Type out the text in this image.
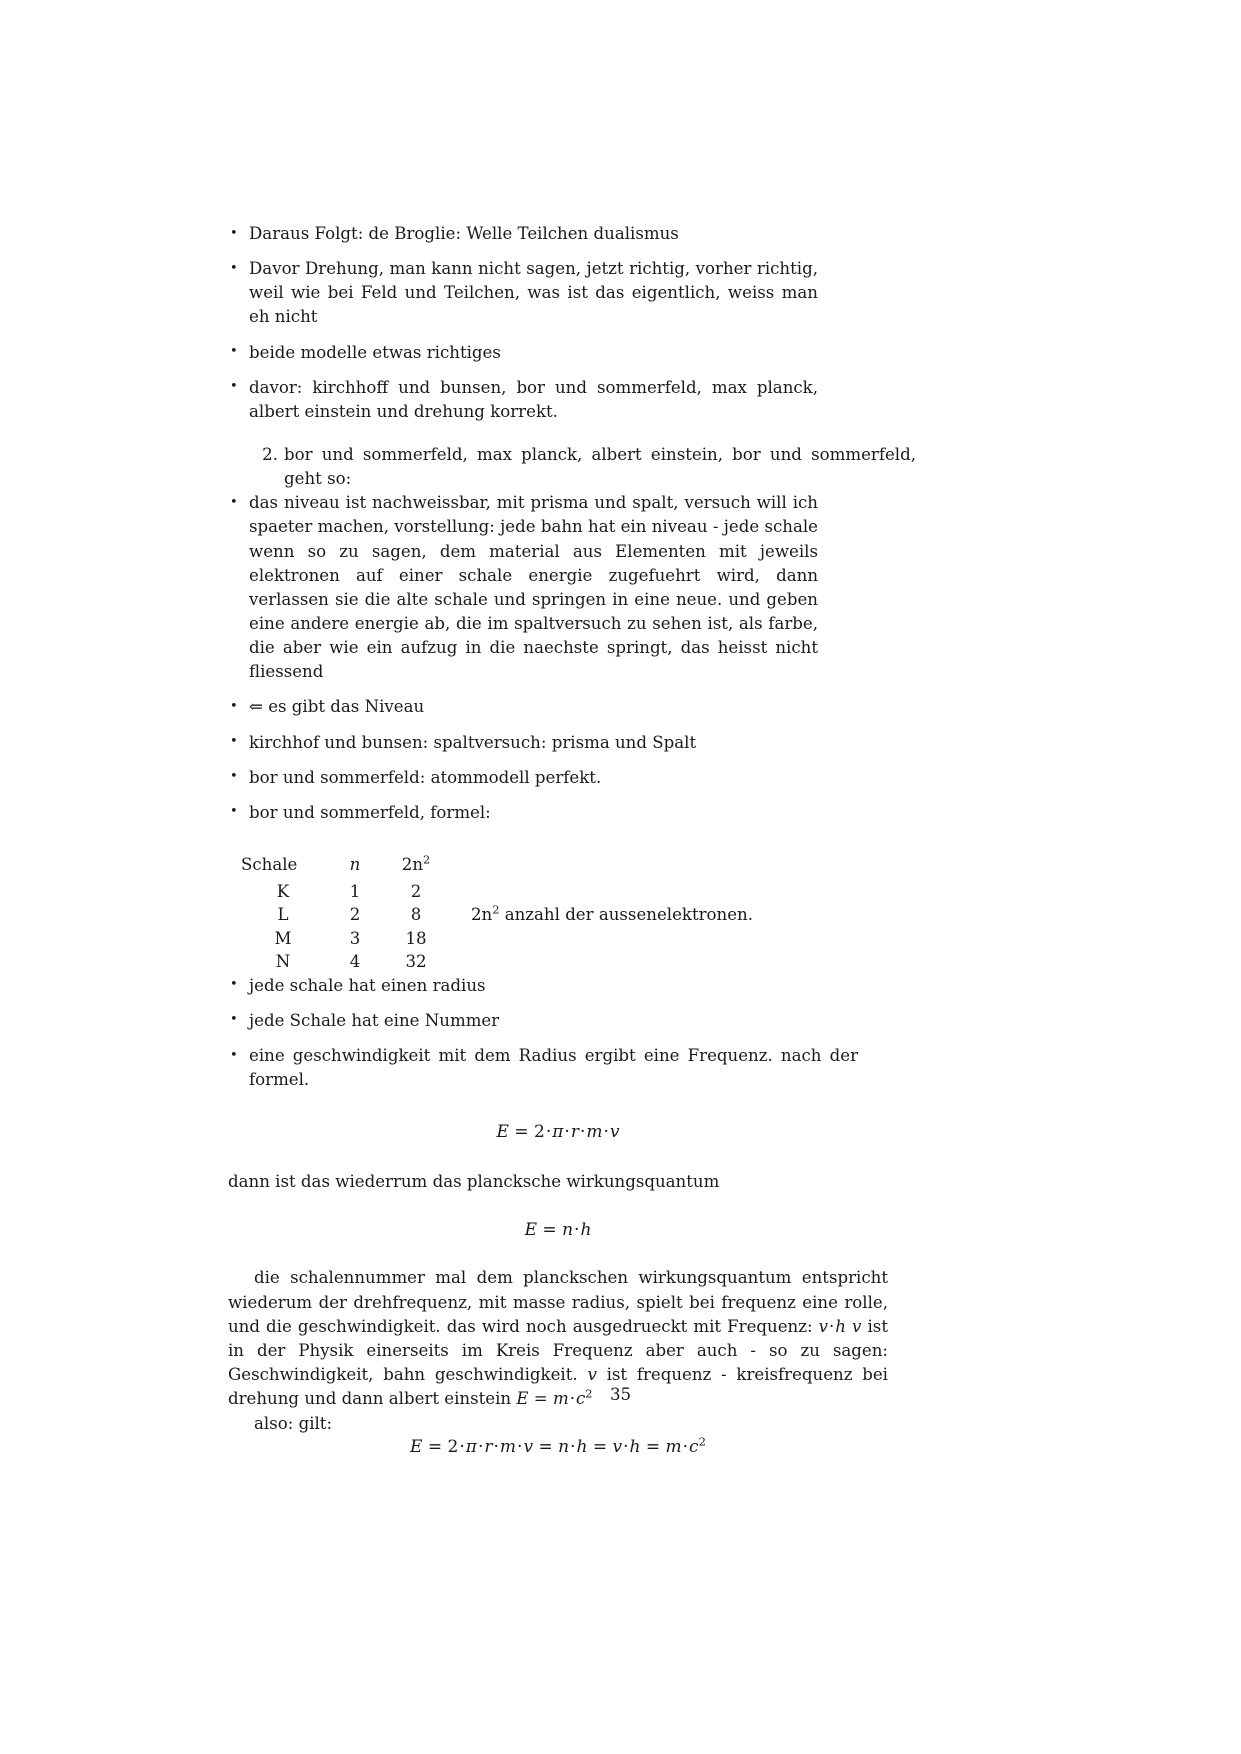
• Daraus Folgt: de Broglie: Welle Teilchen dualismus
• Davor Drehung, man kann nicht sagen, jetzt richtig, vorher richtig, weil wie bei Feld und Teilchen, was ist das eigentlich, weiss man eh nicht
• beide modelle etwas richtiges
• davor: kirchhoff und bunsen, bor und sommerfeld, max planck, albert einstein und drehung korrekt.
2. bor und sommerfeld, max planck, albert einstein, bor und sommerfeld, geht so:
• das niveau ist nachweissbar, mit prisma und spalt, versuch will ich spaeter machen, vorstellung: jede bahn hat ein niveau - jede schale wenn so zu sagen, dem material aus Elementen mit jeweils elektronen auf einer schale energie zugefuehrt wird, dann verlassen sie die alte schale und springen in eine neue. und geben eine andere energie ab, die im spaltversuch zu sehen ist, als farbe, die aber wie ein aufzug in die naechste springt, das heisst nicht fliessend
• ⇐ es gibt das Niveau
• kirchhof und bunsen: spaltversuch: prisma und Spalt
• bor und sommerfeld: atommodell perfekt.
• bor und sommerfeld, formel:
Schale	n	$2n^2$	
K	1	2	
L	2	8	$2n^2$ anzahl der aussenelektronen.
M	3	18	
N	4	32	
• jede schale hat einen radius
• jede Schale hat eine Nummer
• eine geschwindigkeit mit dem Radius ergibt eine Frequenz. nach der formel.
E = 2·π·r·m·v

dann ist das wiederrum das plancksche wirkungsquantum

E = n·h

die schalennummer mal dem planckschen wirkungsquantum entspricht wiederum der drehfrequenz, mit masse radius, spielt bei frequenz eine rolle, und die geschwindigkeit. das wird noch ausgedrueckt mit Frequenz: v·h v ist in der Physik einerseits im Kreis Frequenz aber auch - so zu sagen: Geschwindigkeit, bahn geschwindigkeit. v ist frequenz - kreisfrequenz bei drehung und dann albert einstein $E = m\cdot c^2$

also: gilt:
$E = 2\cdot\pi\cdot r\cdot m\cdot v = n\cdot h = v\cdot h = m\cdot c^2$
35
